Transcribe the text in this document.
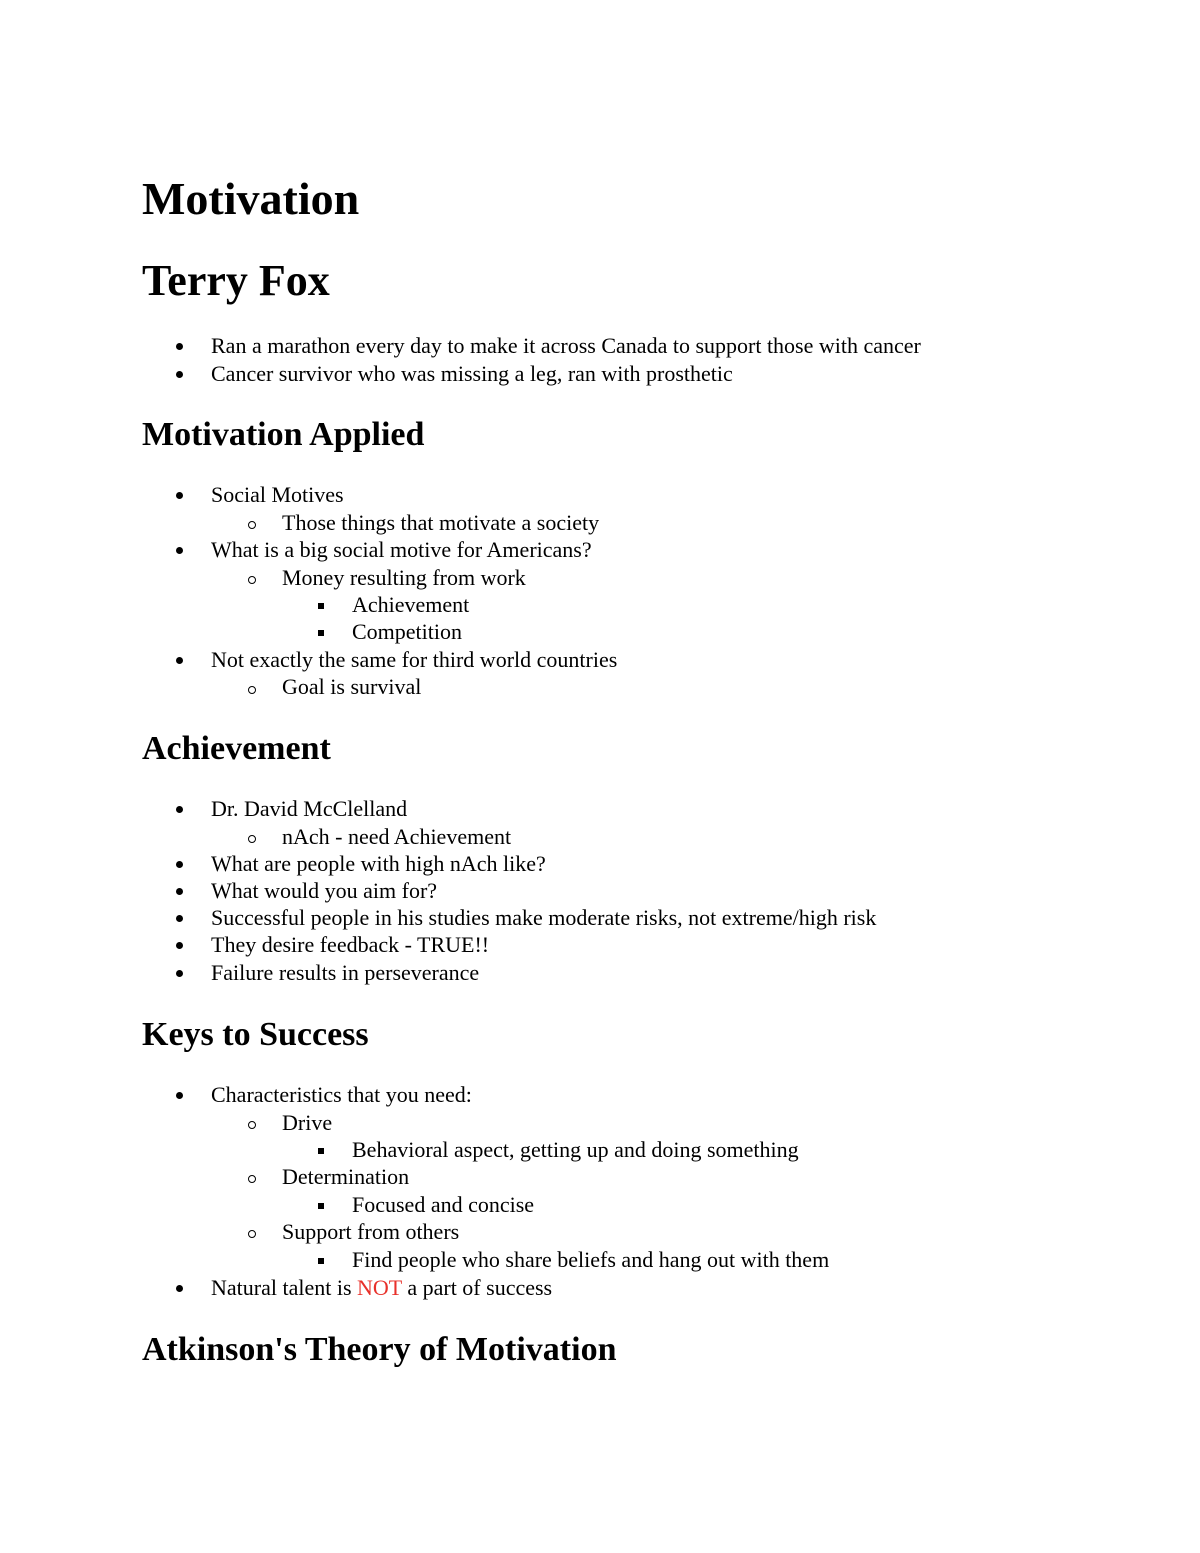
Motivation
Terry Fox
Ran a marathon every day to make it across Canada to support those with cancer
Cancer survivor who was missing a leg, ran with prosthetic
Motivation Applied
Social Motives
Those things that motivate a society
What is a big social motive for Americans?
Money resulting from work
Achievement
Competition
Not exactly the same for third world countries
Goal is survival
Achievement
Dr. David McClelland
nAch - need Achievement
What are people with high nAch like?
What would you aim for?
Successful people in his studies make moderate risks, not extreme/high risk
They desire feedback - TRUE!!
Failure results in perseverance
Keys to Success
Characteristics that you need:
Drive
Behavioral aspect, getting up and doing something
Determination
Focused and concise
Support from others
Find people who share beliefs and hang out with them
Natural talent is NOT a part of success
Atkinson's Theory of Motivation
